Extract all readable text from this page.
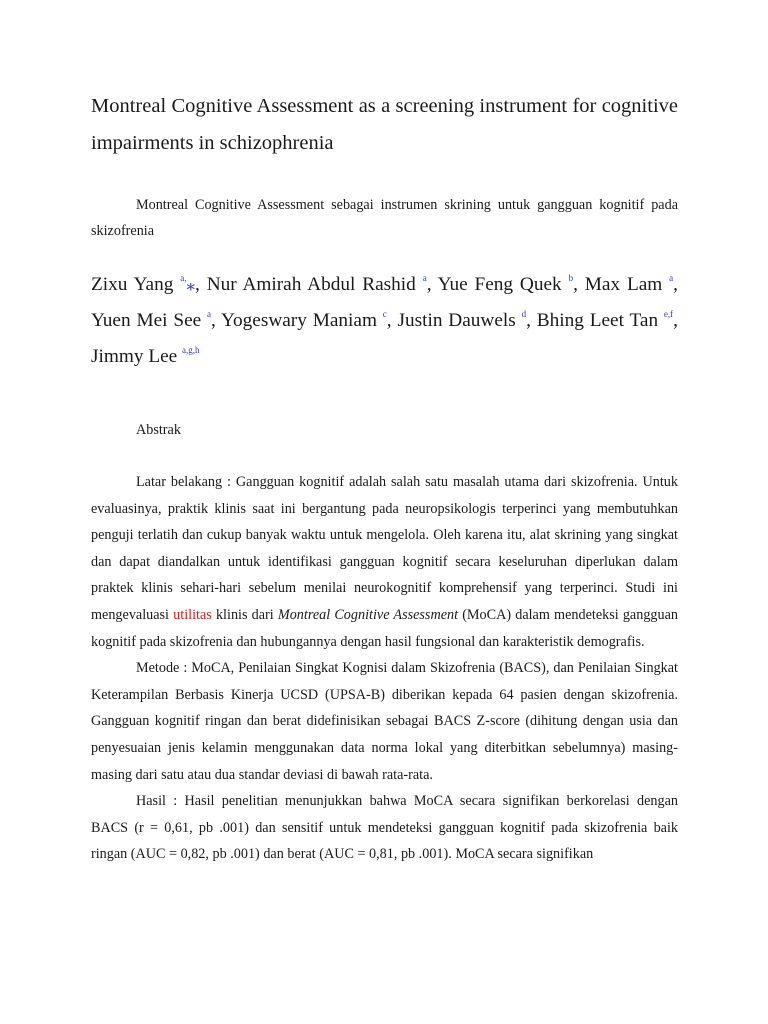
Montreal Cognitive Assessment as a screening instrument for cognitive impairments in schizophrenia

Montreal Cognitive Assessment sebagai instrumen skrining untuk gangguan kognitif pada skizofrenia

Zixu Yang $^{a,}$⁎, Nur Amirah Abdul Rashid $^a$, Yue Feng Quek $^b$, Max Lam $^a$, Yuen Mei See $^a$, Yogeswary Maniam $^c$, Justin Dauwels $^d$, Bhing Leet Tan $^{e,f}$, Jimmy Lee $^{a,g,h}$

Abstrak

Latar belakang : Gangguan kognitif adalah salah satu masalah utama dari skizofrenia. Untuk evaluasinya, praktik klinis saat ini bergantung pada neuropsikologis terperinci yang membutuhkan penguji terlatih dan cukup banyak waktu untuk mengelola. Oleh karena itu, alat skrining yang singkat dan dapat diandalkan untuk identifikasi gangguan kognitif secara keseluruhan diperlukan dalam praktek klinis sehari-hari sebelum menilai neurokognitif komprehensif yang terperinci. Studi ini mengevaluasi utilitas klinis dari Montreal Cognitive Assessment (MoCA) dalam mendeteksi gangguan kognitif pada skizofrenia dan hubungannya dengan hasil fungsional dan karakteristik demografis.

Metode : MoCA, Penilaian Singkat Kognisi dalam Skizofrenia (BACS), dan Penilaian Singkat Keterampilan Berbasis Kinerja UCSD (UPSA-B) diberikan kepada 64 pasien dengan skizofrenia. Gangguan kognitif ringan dan berat didefinisikan sebagai BACS Z-score (dihitung dengan usia dan penyesuaian jenis kelamin menggunakan data norma lokal yang diterbitkan sebelumnya) masing-masing dari satu atau dua standar deviasi di bawah rata-rata.

Hasil : Hasil penelitian menunjukkan bahwa MoCA secara signifikan berkorelasi dengan BACS (r = 0,61, pb .001) dan sensitif untuk mendeteksi gangguan kognitif pada skizofrenia baik ringan (AUC = 0,82, pb .001) dan berat (AUC = 0,81, pb .001). MoCA secara signifikan
